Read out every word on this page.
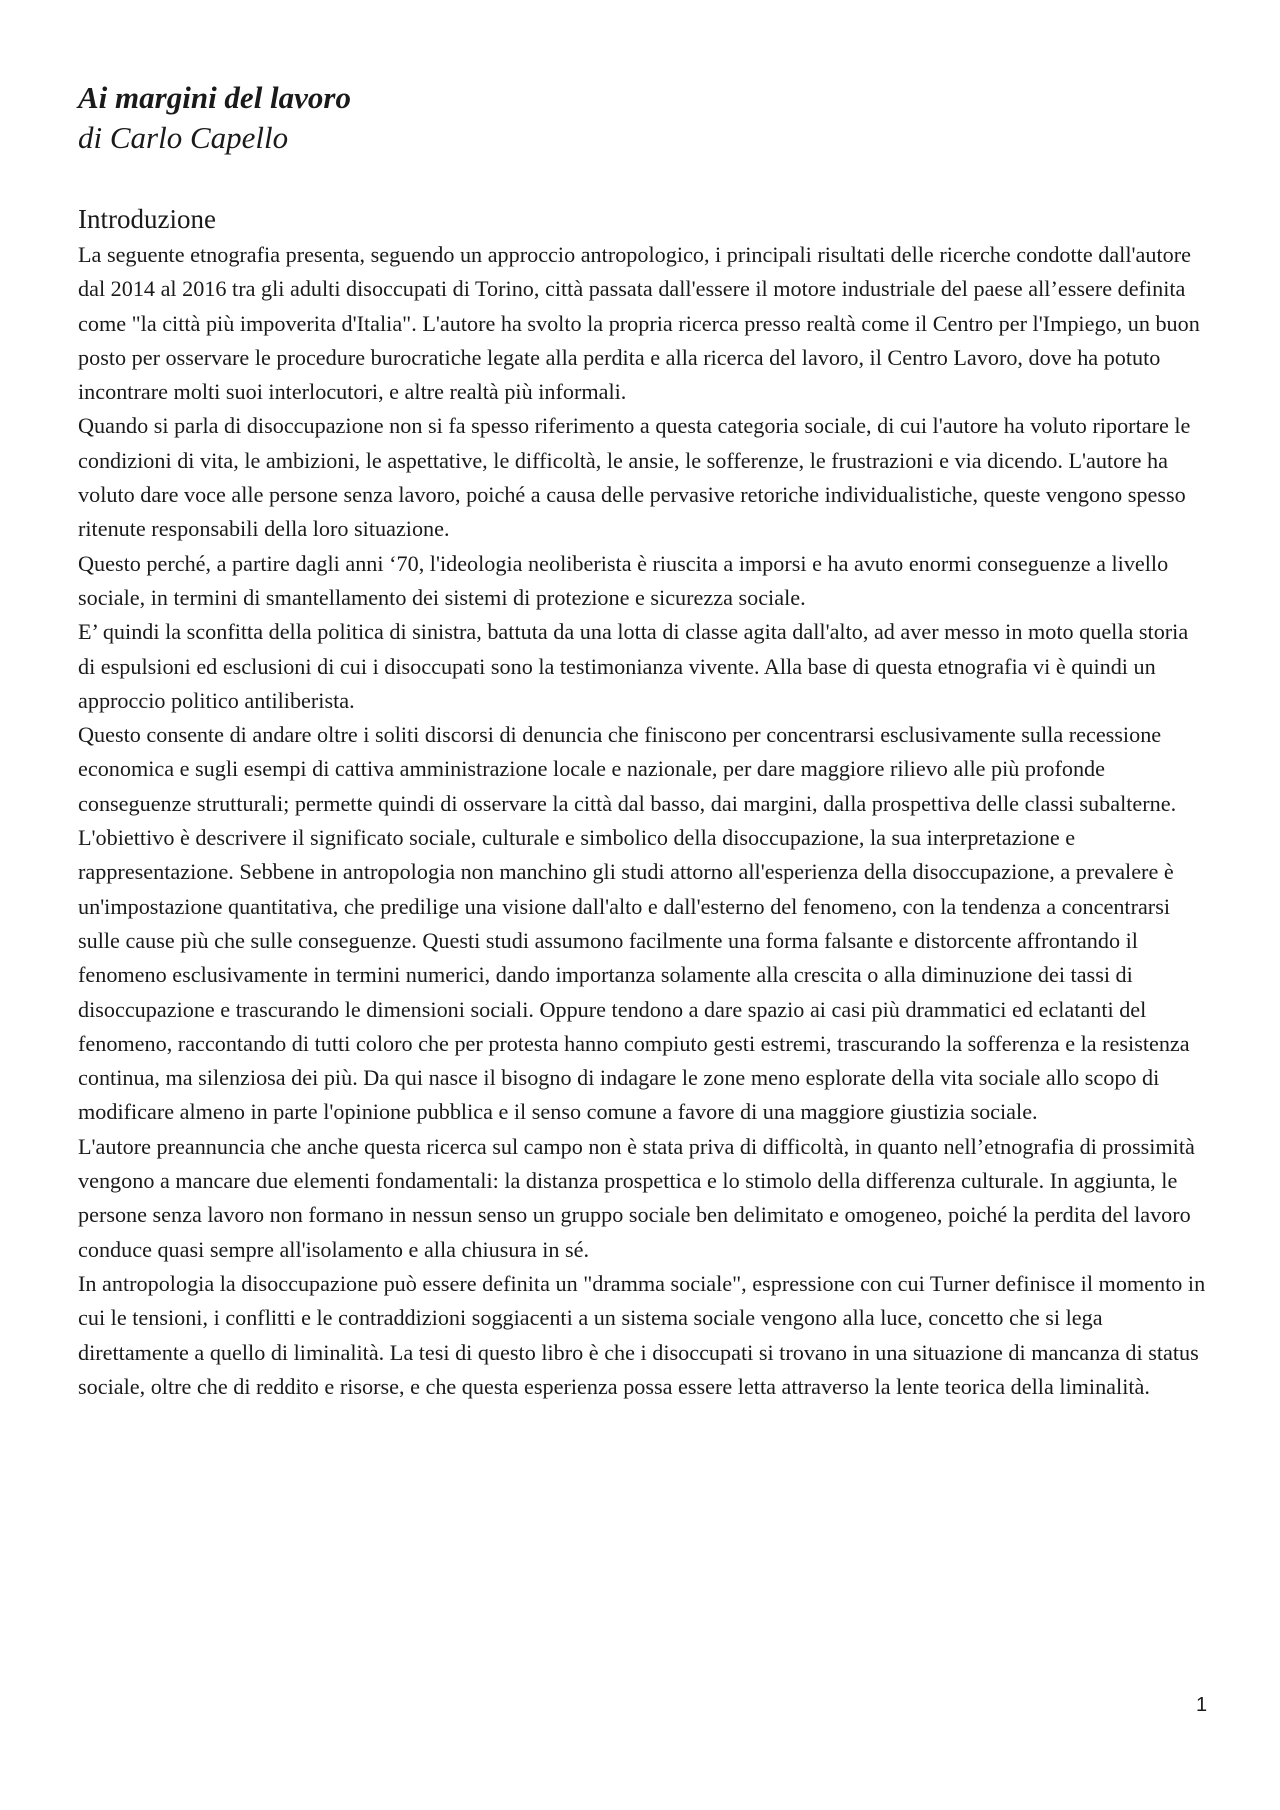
Ai margini del lavoro
di Carlo Capello
Introduzione

La seguente etnografia presenta, seguendo un approccio antropologico, i principali risultati delle ricerche condotte dall'autore dal 2014 al 2016 tra gli adulti disoccupati di Torino, città passata dall'essere il motore industriale del paese all’essere definita come "la città più impoverita d'Italia". L'autore ha svolto la propria ricerca presso realtà come il Centro per l'Impiego, un buon posto per osservare le procedure burocratiche legate alla perdita e alla ricerca del lavoro, il Centro Lavoro, dove ha potuto incontrare molti suoi interlocutori, e altre realtà più informali.

Quando si parla di disoccupazione non si fa spesso riferimento a questa categoria sociale, di cui l'autore ha voluto riportare le condizioni di vita, le ambizioni, le aspettative, le difficoltà, le ansie, le sofferenze, le frustrazioni e via dicendo. L'autore ha voluto dare voce alle persone senza lavoro, poiché a causa delle pervasive retoriche individualistiche, queste vengono spesso ritenute responsabili della loro situazione.

Questo perché, a partire dagli anni ‘70, l'ideologia neoliberista è riuscita a imporsi e ha avuto enormi conseguenze a livello sociale, in termini di smantellamento dei sistemi di protezione e sicurezza sociale.

E’ quindi la sconfitta della politica di sinistra, battuta da una lotta di classe agita dall'alto, ad aver messo in moto quella storia di espulsioni ed esclusioni di cui i disoccupati sono la testimonianza vivente. Alla base di questa etnografia vi è quindi un approccio politico antiliberista.

Questo consente di andare oltre i soliti discorsi di denuncia che finiscono per concentrarsi esclusivamente sulla recessione economica e sugli esempi di cattiva amministrazione locale e nazionale, per dare maggiore rilievo alle più profonde conseguenze strutturali; permette quindi di osservare la città dal basso, dai margini, dalla prospettiva delle classi subalterne. L'obiettivo è descrivere il significato sociale, culturale e simbolico della disoccupazione, la sua interpretazione e rappresentazione. Sebbene in antropologia non manchino gli studi attorno all'esperienza della disoccupazione, a prevalere è un'impostazione quantitativa, che predilige una visione dall'alto e dall'esterno del fenomeno, con la tendenza a concentrarsi sulle cause più che sulle conseguenze. Questi studi assumono facilmente una forma falsante e distorcente affrontando il fenomeno esclusivamente in termini numerici, dando importanza solamente alla crescita o alla diminuzione dei tassi di disoccupazione e trascurando le dimensioni sociali. Oppure tendono a dare spazio ai casi più drammatici ed eclatanti del fenomeno, raccontando di tutti coloro che per protesta hanno compiuto gesti estremi, trascurando la sofferenza e la resistenza continua, ma silenziosa dei più. Da qui nasce il bisogno di indagare le zone meno esplorate della vita sociale allo scopo di modificare almeno in parte l'opinione pubblica e il senso comune a favore di una maggiore giustizia sociale.

L'autore preannuncia che anche questa ricerca sul campo non è stata priva di difficoltà, in quanto nell’etnografia di prossimità vengono a mancare due elementi fondamentali: la distanza prospettica e lo stimolo della differenza culturale. In aggiunta, le persone senza lavoro non formano in nessun senso un gruppo sociale ben delimitato e omogeneo, poiché la perdita del lavoro conduce quasi sempre all'isolamento e alla chiusura in sé.

In antropologia la disoccupazione può essere definita un "dramma sociale", espressione con cui Turner definisce il momento in cui le tensioni, i conflitti e le contraddizioni soggiacenti a un sistema sociale vengono alla luce, concetto che si lega direttamente a quello di liminalità. La tesi di questo libro è che i disoccupati si trovano in una situazione di mancanza di status sociale, oltre che di reddito e risorse, e che questa esperienza possa essere letta attraverso la lente teorica della liminalità.

1
